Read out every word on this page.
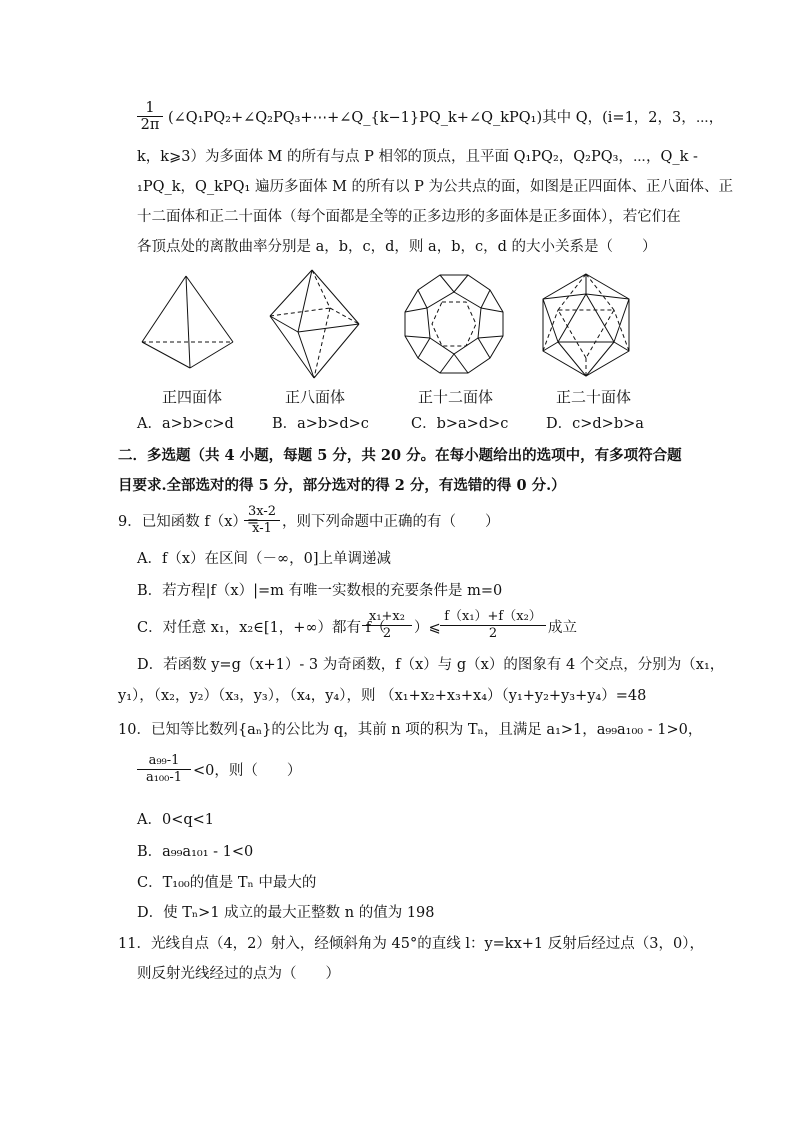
$\frac{1}{2\pi}$ (∠Q₁PQ₂+∠Q₂PQ₃+⋯+∠Q_{k−1}PQ_k+∠Q_kPQ₁)其中 Q，(i=1，2，3，⋯，
k，k⩾3）为多面体 M 的所有与点 P 相邻的顶点，且平面 Q₁PQ₂，Q₂PQ₃，⋯，Q_k -
₁PQ_k，Q_kPQ₁ 遍历多面体 M 的所有以 P 为公共点的面，如图是正四面体、正八面体、正
十二面体和正二十面体（每个面都是全等的正多边形的多面体是正多面体），若它们在
各顶点处的离散曲率分别是 a，b，c，d，则 a，b，c，d 的大小关系是（　　）
正四面体	正八面体	正十二面体	正二十面体
A．a>b>c>d	B．a>b>d>c	C．b>a>d>c	D．c>d>b>a
二．多选题（共 4 小题，每题 5 分，共 20 分。在每小题给出的选项中，有多项符合题
目要求.全部选对的得 5 分，部分选对的得 2 分，有选错的得 0 分.）
9．已知函数 f（x）=
$\frac{3x-2}{x-1}$ ，则下列命题中正确的有（　　）
A．f（x）在区间（－∞，0]上单调递减
B．若方程|f（x）|=m 有唯一实数根的充要条件是 m=0
C．对任意 x₁，x₂∈[1，+∞）都有 f（
$\frac{\text{x₁+x₂}}{2}$ ）⩽ $\frac{\text{f（x₁）+f（x₂）}}{2}$ 成立
D．若函数 y=g（x+1）- 3 为奇函数，f（x）与 g（x）的图象有 4 个交点，分别为（x₁，
y₁），（x₂，y₂）（x₃，y₃），（x₄，y₄），则 （x₁+x₂+x₃+x₄）（y₁+y₂+y₃+y₄）=48
10．已知等比数列{aₙ}的公比为 q，其前 n 项的积为 Tₙ，且满足 a₁>1，a₉₉a₁₀₀ - 1>0，
$\frac{\text{a₉₉-1}}{\text{a₁₀₀-1}} <0$，则（　　）
A．0<q<1
B．a₉₉a₁₀₁ - 1<0
C．T₁₀₀的值是 Tₙ 中最大的
D．使 Tₙ>1 成立的最大正整数 n 的值为 198
11．光线自点（4，2）射入，经倾斜角为 45°的直线 l：y=kx+1 反射后经过点（3，0），
则反射光线经过的点为（　　）
